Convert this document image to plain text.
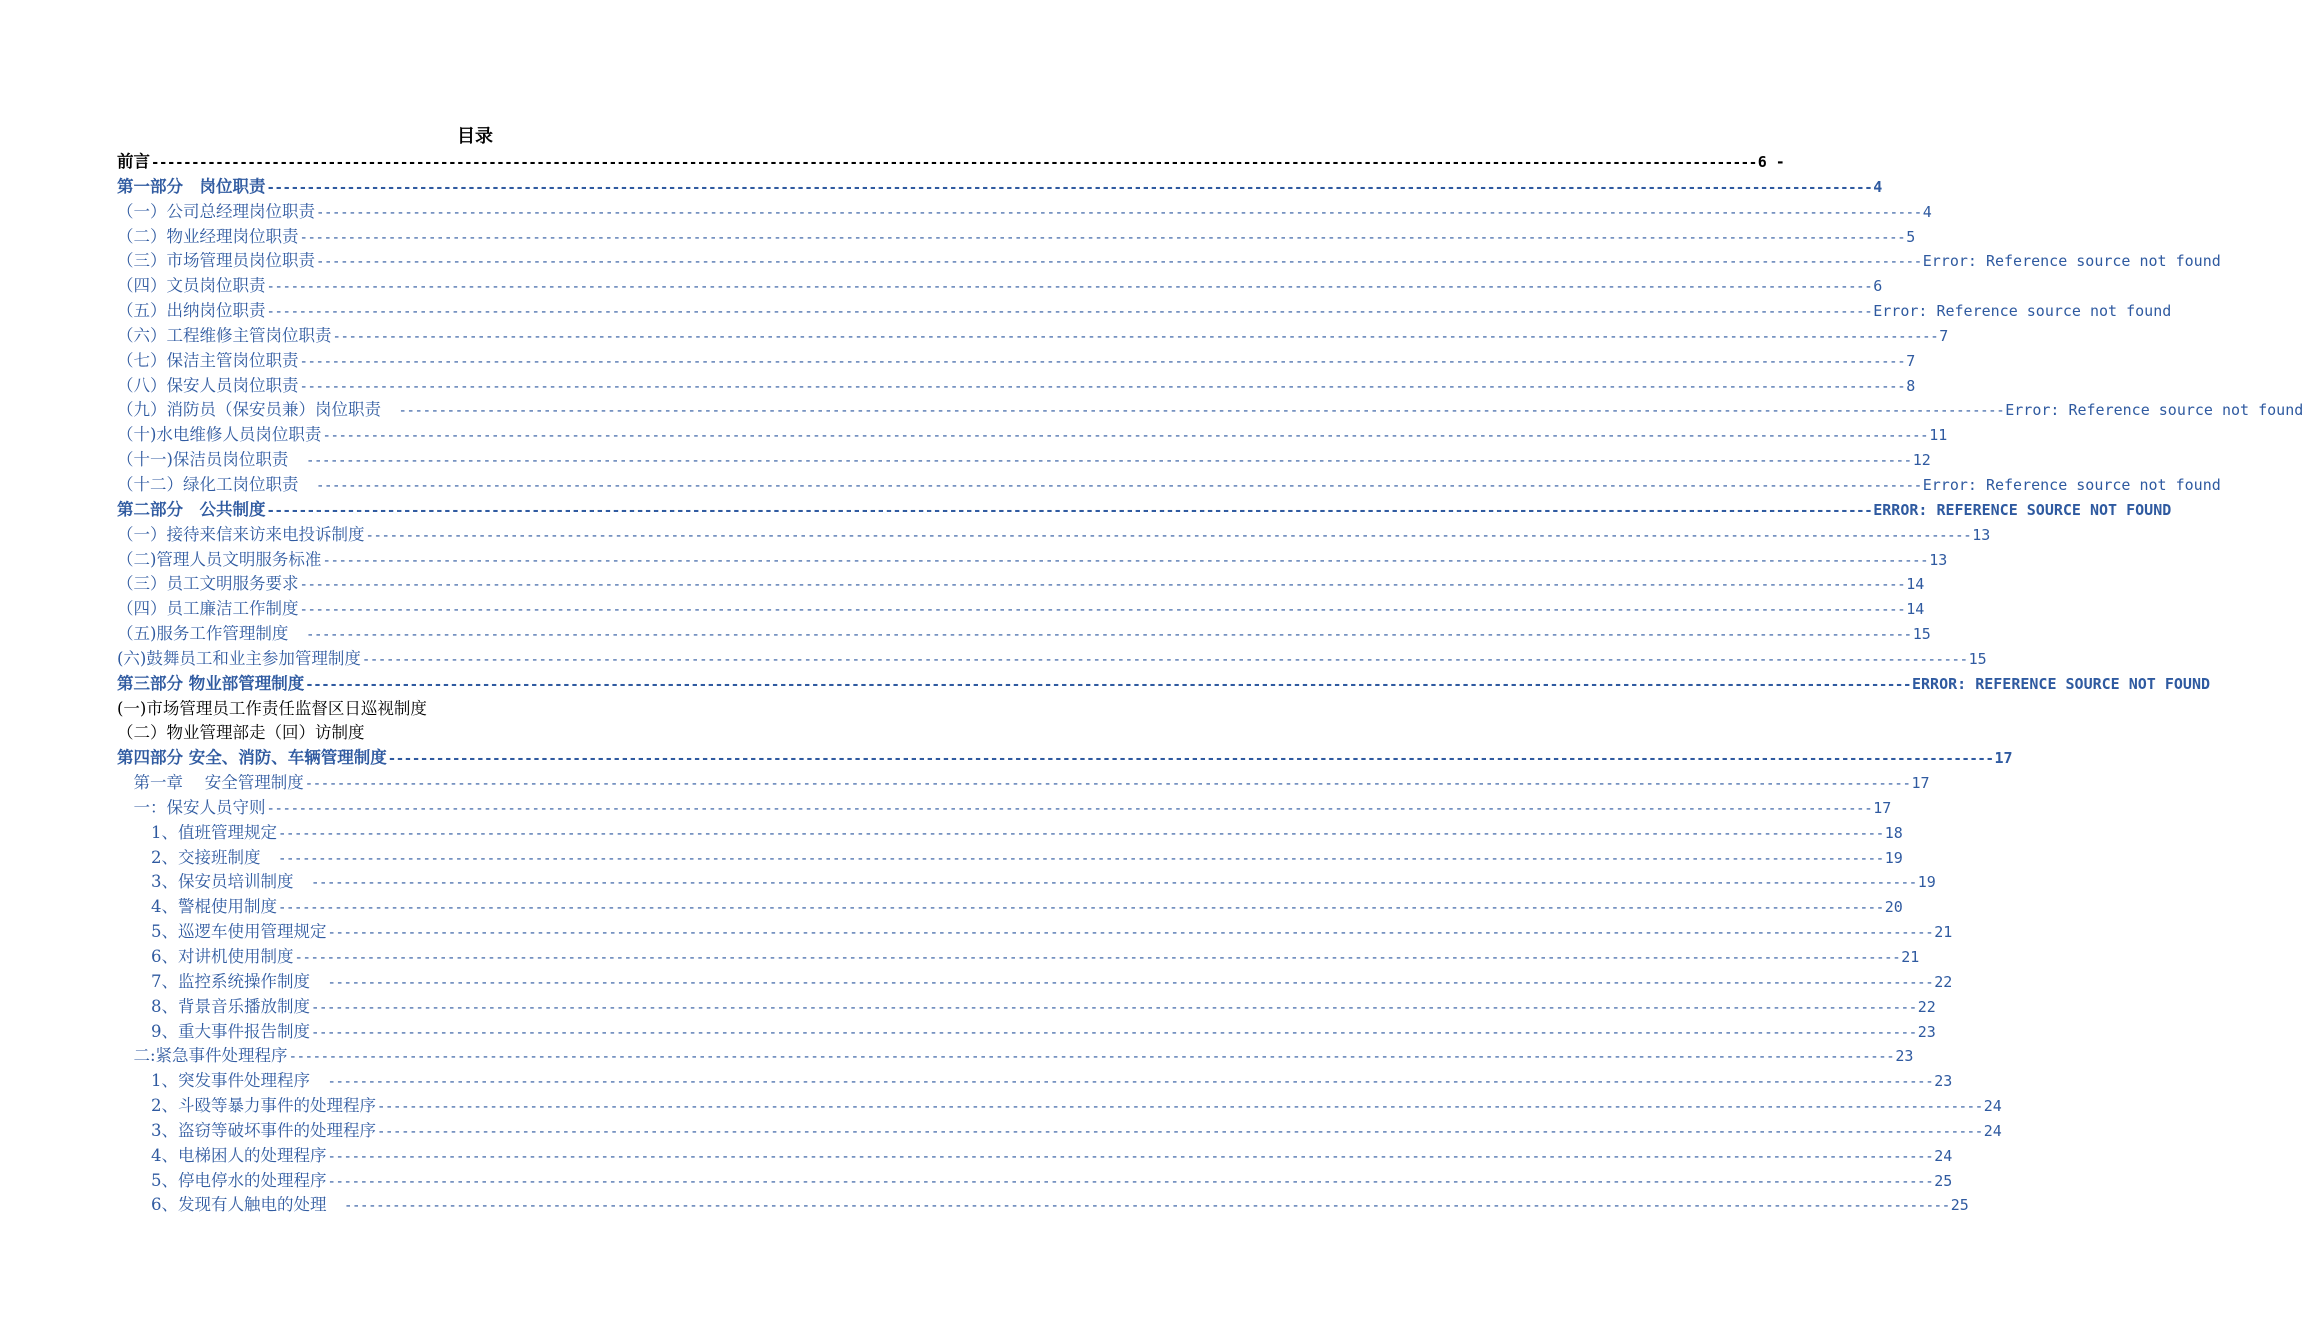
目录
前言 -------------------------------------------------------------------------------------------------------------------------------------------------------------------------------------------------------- 6 -
第一部分　岗位职责 -------------------------------------------------------------------------------------------------------------------------------------------------------------------------------------------------------- 4
（一）公司总经理岗位职责 -------------------------------------------------------------------------------------------------------------------------------------------------------------------------------------------------------- 4
（二）物业经理岗位职责 -------------------------------------------------------------------------------------------------------------------------------------------------------------------------------------------------------- 5
（三）市场管理员岗位职责 -------------------------------------------------------------------------------------------------------------------------------------------------------------------------------------------------------- Error: Reference source not found
（四）文员岗位职责 -------------------------------------------------------------------------------------------------------------------------------------------------------------------------------------------------------- 6
（五）出纳岗位职责 -------------------------------------------------------------------------------------------------------------------------------------------------------------------------------------------------------- Error: Reference source not found
（六）工程维修主管岗位职责 -------------------------------------------------------------------------------------------------------------------------------------------------------------------------------------------------------- 7
（七）保洁主管岗位职责 -------------------------------------------------------------------------------------------------------------------------------------------------------------------------------------------------------- 7
（八）保安人员岗位职责 -------------------------------------------------------------------------------------------------------------------------------------------------------------------------------------------------------- 8
（九）消防员（保安员兼）岗位职责　 -------------------------------------------------------------------------------------------------------------------------------------------------------------------------------------------------------- Error: Reference source not found
（十)水电维修人员岗位职责 -------------------------------------------------------------------------------------------------------------------------------------------------------------------------------------------------------- 11
（十一)保洁员岗位职责　 -------------------------------------------------------------------------------------------------------------------------------------------------------------------------------------------------------- 12
（十二）绿化工岗位职责　 -------------------------------------------------------------------------------------------------------------------------------------------------------------------------------------------------------- Error: Reference source not found
第二部分　公共制度 -------------------------------------------------------------------------------------------------------------------------------------------------------------------------------------------------------- ERROR: REFERENCE SOURCE NOT FOUND
（一）接待来信来访来电投诉制度 -------------------------------------------------------------------------------------------------------------------------------------------------------------------------------------------------------- 13
（二)管理人员文明服务标准 -------------------------------------------------------------------------------------------------------------------------------------------------------------------------------------------------------- 13
（三）员工文明服务要求 -------------------------------------------------------------------------------------------------------------------------------------------------------------------------------------------------------- 14
（四）员工廉洁工作制度 -------------------------------------------------------------------------------------------------------------------------------------------------------------------------------------------------------- 14
（五)服务工作管理制度　 -------------------------------------------------------------------------------------------------------------------------------------------------------------------------------------------------------- 15
(六)鼓舞员工和业主参加管理制度 -------------------------------------------------------------------------------------------------------------------------------------------------------------------------------------------------------- 15
第三部分 物业部管理制度 -------------------------------------------------------------------------------------------------------------------------------------------------------------------------------------------------------- ERROR: REFERENCE SOURCE NOT FOUND
(一)市场管理员工作责任监督区日巡视制度
（二）物业管理部走（回）访制度
第四部分 安全、消防、车辆管理制度 -------------------------------------------------------------------------------------------------------------------------------------------------------------------------------------------------------- 17
　第一章　 安全管理制度 -------------------------------------------------------------------------------------------------------------------------------------------------------------------------------------------------------- 17
　一：保安人员守则 -------------------------------------------------------------------------------------------------------------------------------------------------------------------------------------------------------- 17
1、值班管理规定 -------------------------------------------------------------------------------------------------------------------------------------------------------------------------------------------------------- 18
2、交接班制度　 -------------------------------------------------------------------------------------------------------------------------------------------------------------------------------------------------------- 19
3、保安员培训制度　 -------------------------------------------------------------------------------------------------------------------------------------------------------------------------------------------------------- 19
4、警棍使用制度 -------------------------------------------------------------------------------------------------------------------------------------------------------------------------------------------------------- 20
5、巡逻车使用管理规定 -------------------------------------------------------------------------------------------------------------------------------------------------------------------------------------------------------- 21
6、对讲机使用制度 -------------------------------------------------------------------------------------------------------------------------------------------------------------------------------------------------------- 21
7、监控系统操作制度　 -------------------------------------------------------------------------------------------------------------------------------------------------------------------------------------------------------- 22
8、背景音乐播放制度 -------------------------------------------------------------------------------------------------------------------------------------------------------------------------------------------------------- 22
9、重大事件报告制度 -------------------------------------------------------------------------------------------------------------------------------------------------------------------------------------------------------- 23
　二:紧急事件处理程序 -------------------------------------------------------------------------------------------------------------------------------------------------------------------------------------------------------- 23
1、突发事件处理程序　 -------------------------------------------------------------------------------------------------------------------------------------------------------------------------------------------------------- 23
2、斗殴等暴力事件的处理程序 -------------------------------------------------------------------------------------------------------------------------------------------------------------------------------------------------------- 24
3、盗窃等破坏事件的处理程序 -------------------------------------------------------------------------------------------------------------------------------------------------------------------------------------------------------- 24
4、电梯困人的处理程序 -------------------------------------------------------------------------------------------------------------------------------------------------------------------------------------------------------- 24
5、停电停水的处理程序 -------------------------------------------------------------------------------------------------------------------------------------------------------------------------------------------------------- 25
6、发现有人触电的处理　 -------------------------------------------------------------------------------------------------------------------------------------------------------------------------------------------------------- 25
